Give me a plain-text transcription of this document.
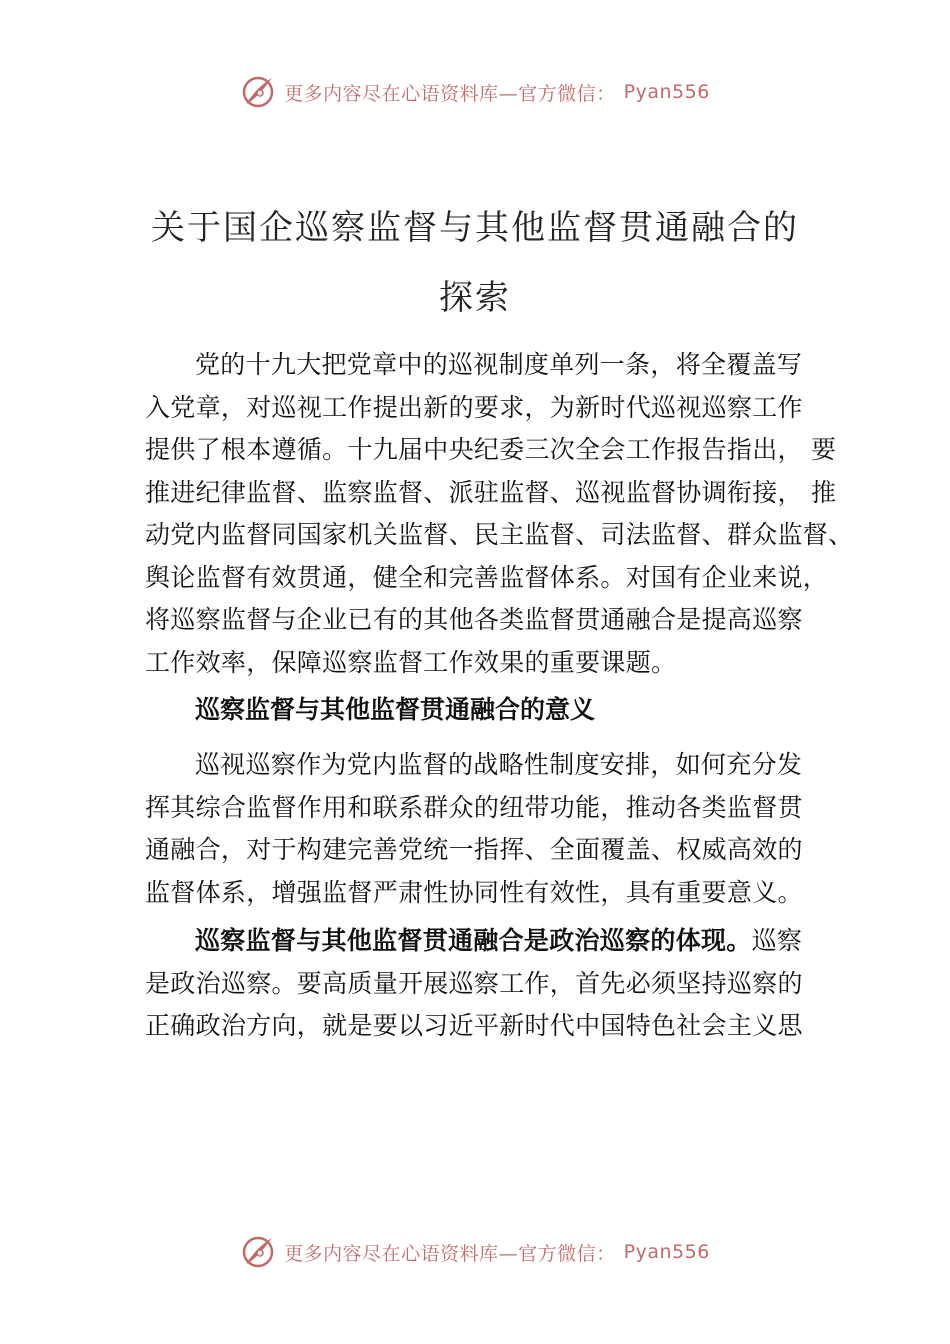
更多内容尽在心语资料库—官方微信： Pyan556
关于国企巡察监督与其他监督贯通融合的
探索
党的十九大把党章中的巡视制度单列一条，将全覆盖写
入党章，对巡视工作提出新的要求，为新时代巡视巡察工作
提供了根本遵循。十九届中央纪委三次全会工作报告指出， 要
推进纪律监督、监察监督、派驻监督、巡视监督协调衔接， 推
动党内监督同国家机关监督、民主监督、司法监督、群众监督、
舆论监督有效贯通，健全和完善监督体系。对国有企业来说，
将巡察监督与企业已有的其他各类监督贯通融合是提高巡察
工作效率，保障巡察监督工作效果的重要课题。
巡察监督与其他监督贯通融合的意义
巡视巡察作为党内监督的战略性制度安排，如何充分发
挥其综合监督作用和联系群众的纽带功能，推动各类监督贯
通融合，对于构建完善党统一指挥、全面覆盖、权威高效的
监督体系，增强监督严肃性协同性有效性，具有重要意义。
巡察监督与其他监督贯通融合是政治巡察的体现。巡察
是政治巡察。要高质量开展巡察工作，首先必须坚持巡察的
正确政治方向，就是要以习近平新时代中国特色社会主义思
更多内容尽在心语资料库—官方微信： Pyan556
